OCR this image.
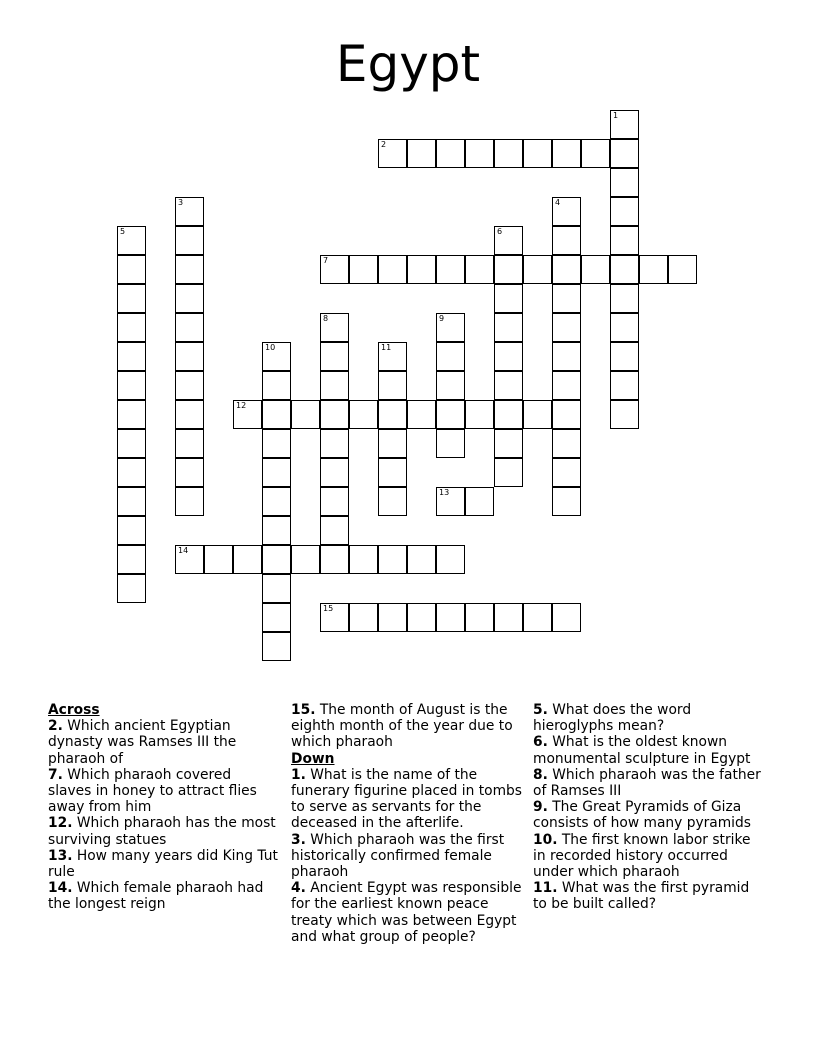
Egypt
1
2
3	4
5	6
7
8	9
10	11
12
13
14
15
Across
2. Which ancient Egyptian dynasty was Ramses III the pharaoh of
7. Which pharaoh covered slaves in honey to attract flies away from him
12. Which pharaoh has the most surviving statues
13. How many years did King Tut rule
14. Which female pharaoh had the longest reign
15. The month of August is the eighth month of the year due to which pharaoh
Down
1. What is the name of the funerary figurine placed in tombs to serve as servants for the deceased in the afterlife.
3. Which pharaoh was the first historically confirmed female pharaoh
4. Ancient Egypt was responsible for the earliest known peace treaty which was between Egypt and what group of people?
5. What does the word hieroglyphs mean?
6. What is the oldest known monumental sculpture in Egypt
8. Which pharaoh was the father of Ramses III
9. The Great Pyramids of Giza consists of how many pyramids
10. The first known labor strike in recorded history occurred under which pharaoh
11. What was the first pyramid to be built called?
